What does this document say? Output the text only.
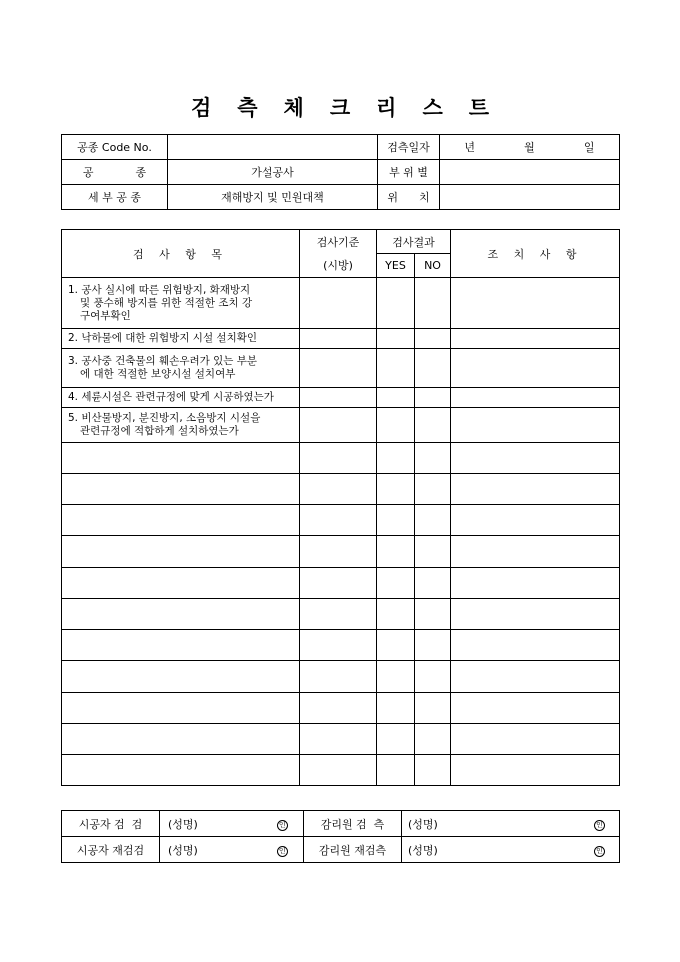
검 측 체 크 리 스 트
공종 Code No.		검측일자	년	월	일
공            종	가설공사	부 위 별			
세 부 공 종	재해방지 및 민원대책	위      치			
검 사 항 목	검사기준	검사결과		조 치 사 항
	(시방)	YES	NO	
1. 공사 실시에 따른 위험방지, 화재방지
및 풍수해 방지를 위한 적절한 조치 강
구여부확인				

2. 낙하물에 대한 위험방지 시설 설치확인				
3. 공사중 건축물의 훼손우려가 있는 부분
에 대한 적절한 보양시설 설치여부				

4. 세륜시설은 관련규정에 맞게 시공하였는가				
5. 비산물방지, 분진방지, 소음방지 시설을
관련규정에 적합하게 설치하였는가				

시공자 검  검	(성명)	인	감리원 검  측	(성명)	인
시공자 재검검	(성명)	인	감리원 재검측	(성명)	인
